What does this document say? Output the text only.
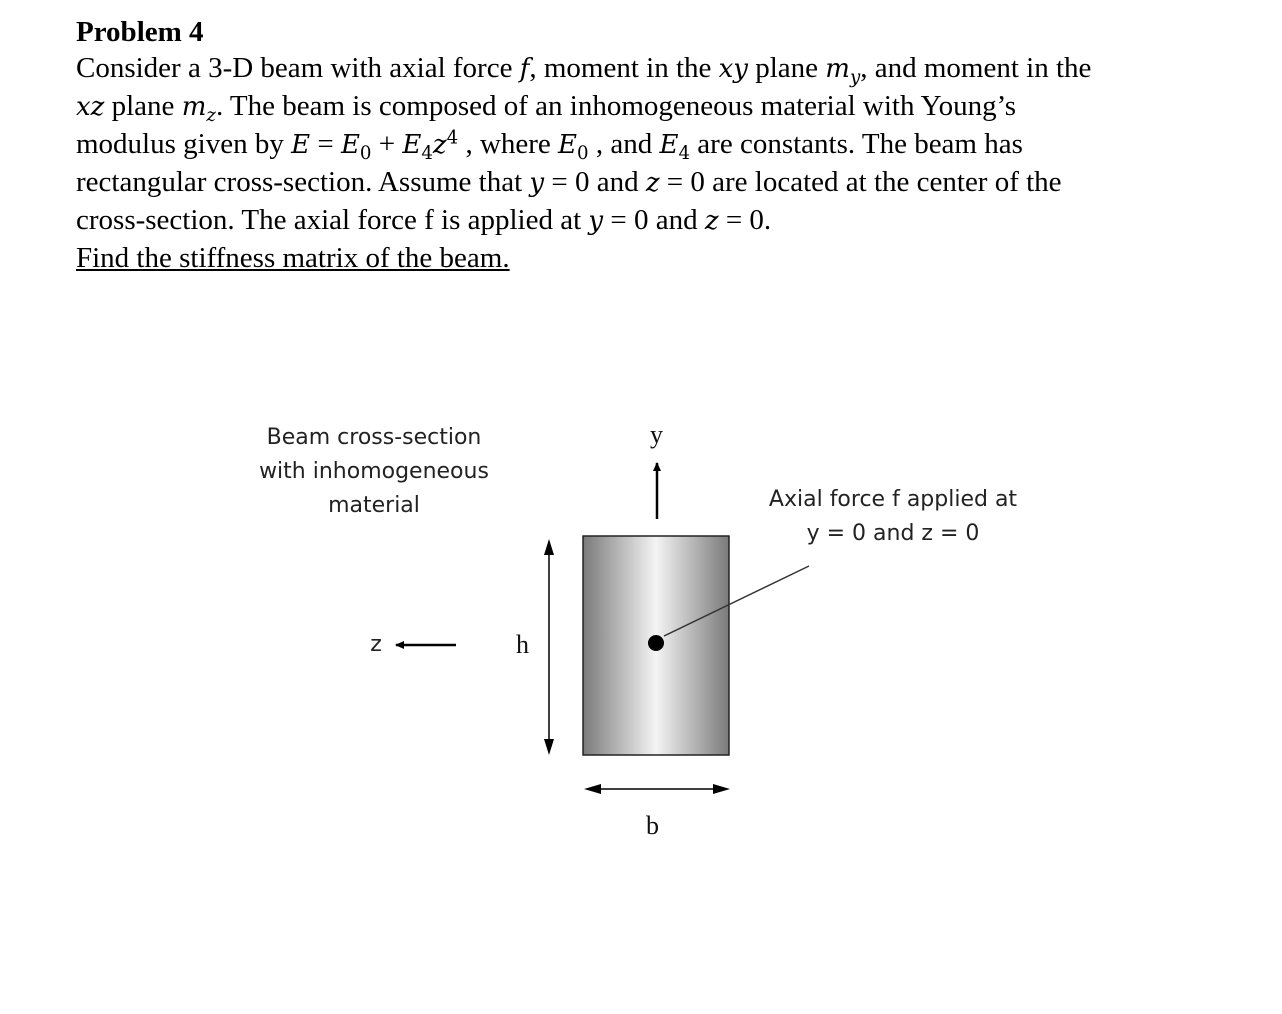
Problem 4

Consider a 3-D beam with axial force f, moment in the xy plane $m_y$, and moment in the
xz plane $m_z$. The beam is composed of an inhomogeneous material with Young’s
modulus given by $E = E_0 + E_4z^4$ , where $E_0$ , and $E_4$ are constants. The beam has
rectangular cross-section. Assume that y = 0 and z = 0 are located at the center of the
cross-section. The axial force f is applied at y = 0 and z = 0.
Find the stiffness matrix of the beam.

Beam cross-section
with inhomogeneous
material	Axial force f applied at
y = 0 and z = 0
y
z	h
b
